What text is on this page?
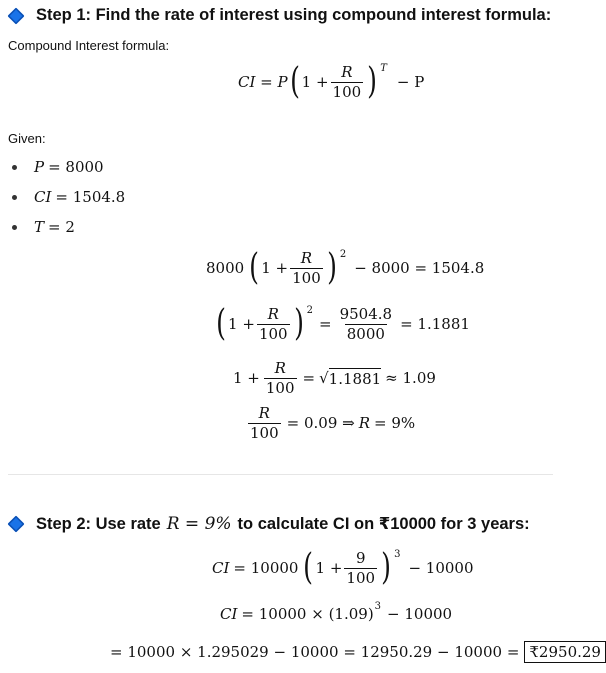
Step 1: Find the rate of interest using compound interest formula:
Compound Interest formula:
CI = P ( $1 + \frac{R}{100}$ ) T
− P
Given:
P = 8000
CI = 1504.8
T = 2
8000 ( $1 + \frac{R}{100}$ ) 2
− 8000 = 1504.8
( $1 + \frac{R}{100}$ ) 2
= $\frac{9504.8}{8000} = 1.1881$
$1 + \frac{R}{100}$ = √ 1.1881 ≈ 1.09
$\frac{R}{100} = 0.09$ ⇒ R = 9%
Step 2: Use rate R = 9% to calculate CI on ₹10000 for 3 years:
CI = 10000 ( $1 + \frac{9}{100}$ ) 3
− 10000
CI = 10000 × (1.09) 3 − 10000
= 10000 × 1.295029 − 10000 = 12950.29 − 10000 = ₹2950.29
